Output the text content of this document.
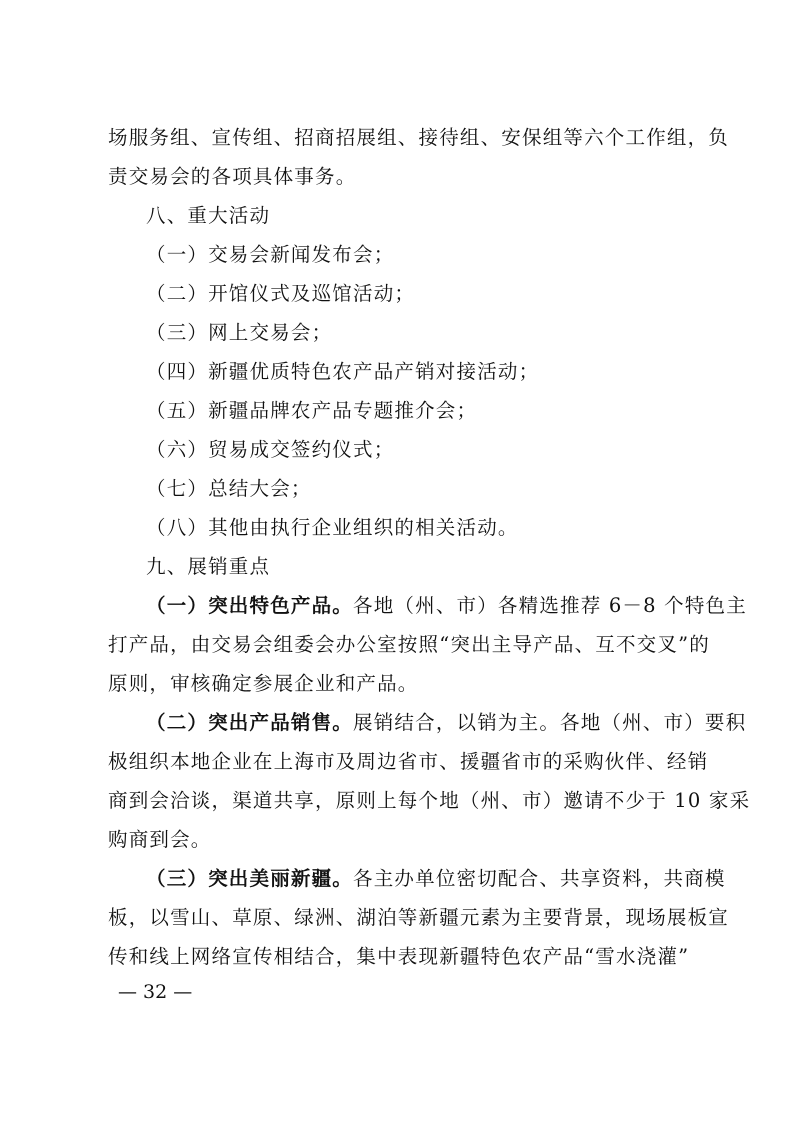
场服务组、宣传组、招商招展组、接待组、安保组等六个工作组，负
责交易会的各项具体事务。
八、重大活动
（一）交易会新闻发布会；
（二）开馆仪式及巡馆活动；
（三）网上交易会；
（四）新疆优质特色农产品产销对接活动；
（五）新疆品牌农产品专题推介会；
（六）贸易成交签约仪式；
（七）总结大会；
（八）其他由执行企业组织的相关活动。
九、展销重点
（一）突出特色产品。各地（州、市）各精选推荐 6－8 个特色主
打产品，由交易会组委会办公室按照“突出主导产品、互不交叉”的
原则，审核确定参展企业和产品。
（二）突出产品销售。展销结合，以销为主。各地（州、市）要积
极组织本地企业在上海市及周边省市、援疆省市的采购伙伴、经销
商到会洽谈，渠道共享，原则上每个地（州、市）邀请不少于 10 家采
购商到会。
（三）突出美丽新疆。各主办单位密切配合、共享资料，共商模
板，以雪山、草原、绿洲、湖泊等新疆元素为主要背景，现场展板宣
传和线上网络宣传相结合，集中表现新疆特色农产品“雪水浇灌”
— 32 —
